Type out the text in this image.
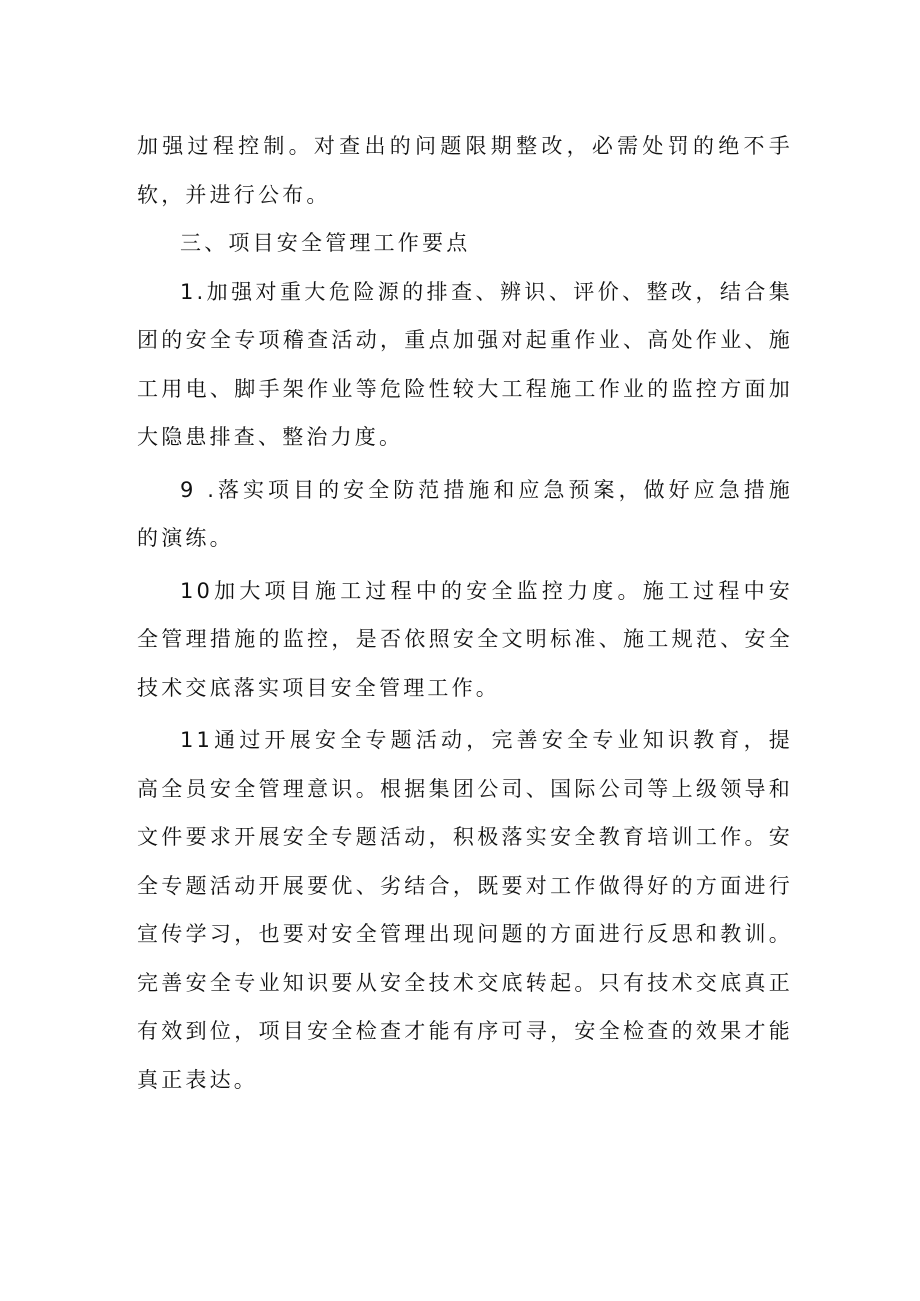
加强过程控制。对查出的问题限期整改，必需处罚的绝不手软，并进行公布。

三、项目安全管理工作要点

1.加强对重大危险源的排查、辨识、评价、整改，结合集团的安全专项稽查活动，重点加强对起重作业、高处作业、施工用电、脚手架作业等危险性较大工程施工作业的监控方面加大隐患排查、整治力度。

9 .落实项目的安全防范措施和应急预案，做好应急措施的演练。

10加大项目施工过程中的安全监控力度。施工过程中安全管理措施的监控，是否依照安全文明标准、施工规范、安全技术交底落实项目安全管理工作。

11通过开展安全专题活动，完善安全专业知识教育，提高全员安全管理意识。根据集团公司、国际公司等上级领导和文件要求开展安全专题活动，积极落实安全教育培训工作。安全专题活动开展要优、劣结合，既要对工作做得好的方面进行宣传学习，也要对安全管理出现问题的方面进行反思和教训。完善安全专业知识要从安全技术交底转起。只有技术交底真正有效到位，项目安全检查才能有序可寻，安全检查的效果才能真正表达。
